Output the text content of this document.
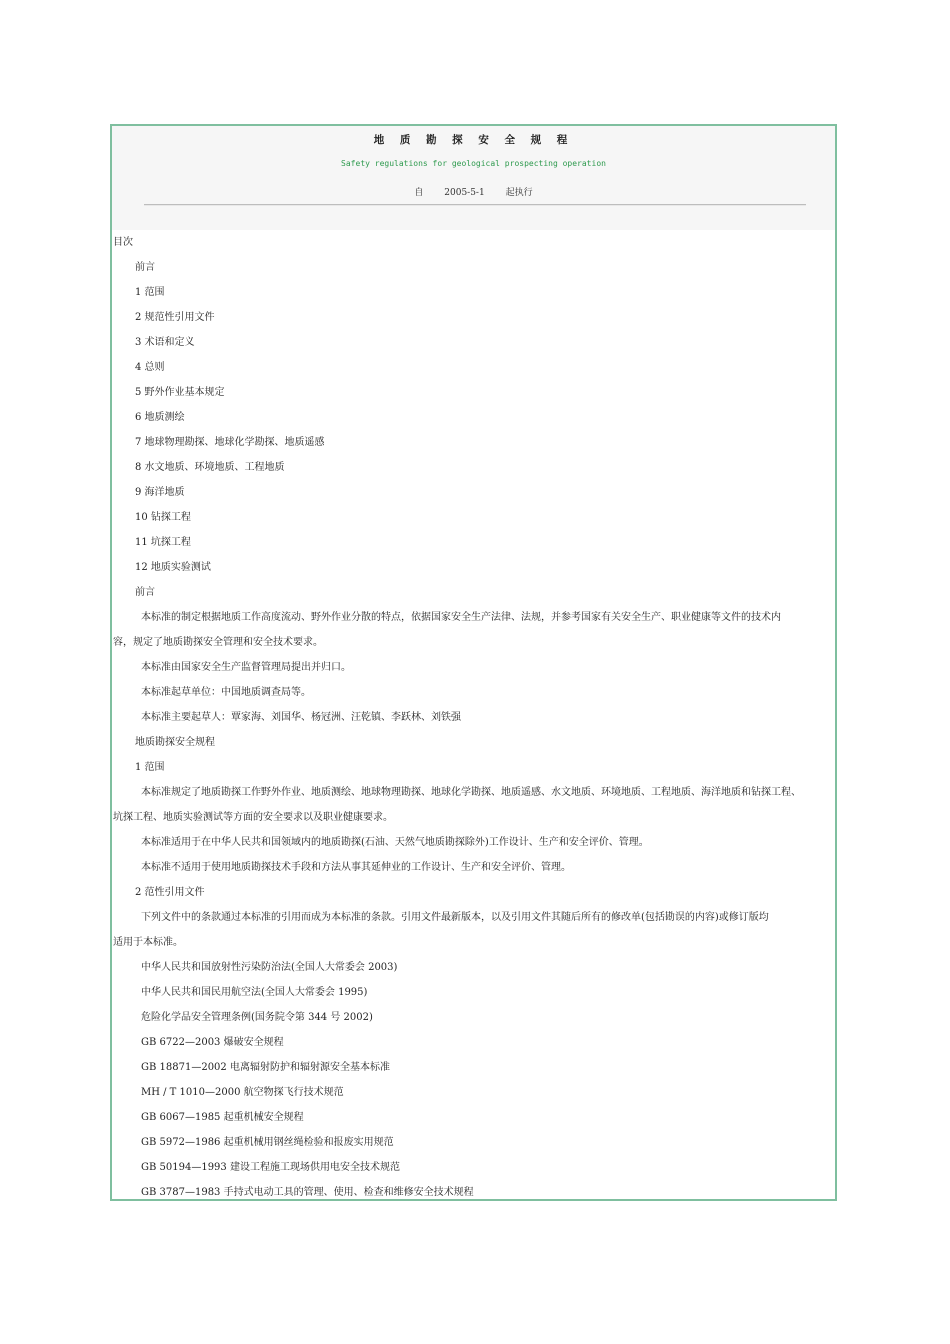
地 质 勘 探 安 全 规 程
Safety regulations for geological prospecting operation
自 2005-5-1 起执行

目次

前言

1 范围

2 规范性引用文件

3 术语和定义

4 总则

5 野外作业基本规定

6 地质测绘

7 地球物理勘探、地球化学勘探、地质遥感

8 水文地质、环境地质、工程地质

9 海洋地质

10 钻探工程

11 坑探工程

12 地质实验测试

前言

本标准的制定根据地质工作高度流动、野外作业分散的特点，依据国家安全生产法律、法规，并参考国家有关安全生产、职业健康等文件的技术内

容，规定了地质勘探安全管理和安全技术要求。

本标准由国家安全生产监督管理局提出并归口。

本标准起草单位：中国地质调查局等。

本标准主要起草人：覃家海、刘国华、杨冠洲、汪乾镇、李跃林、刘铁强

地质勘探安全规程

1 范围

本标准规定了地质勘探工作野外作业、地质测绘、地球物理勘探、地球化学勘探、地质遥感、水文地质、环境地质、工程地质、海洋地质和钻探工程、

坑探工程、地质实验测试等方面的安全要求以及职业健康要求。

本标准适用于在中华人民共和国领域内的地质勘探(石油、天然气地质勘探除外)工作设计、生产和安全评价、管理。

本标准不适用于使用地质勘探技术手段和方法从事其延伸业的工作设计、生产和安全评价、管理。

2 范性引用文件

下列文件中的条款通过本标准的引用而成为本标准的条款。引用文件最新版本，以及引用文件其随后所有的修改单(包括勘误的内容)或修订版均

适用于本标准。

中华人民共和国放射性污染防治法(全国人大常委会 2003)

中华人民共和国民用航空法(全国人大常委会 1995)

危险化学品安全管理条例(国务院令第 344 号 2002)

GB 6722—2003 爆破安全规程

GB 18871—2002 电离辐射防护和辐射源安全基本标准

MH / T 1010—2000 航空物探飞行技术规范

GB 6067—1985 起重机械安全规程

GB 5972—1986 起重机械用钢丝绳检验和报废实用规范

GB 50194—1993 建设工程施工现场供用电安全技术规范

GB 3787—1983 手持式电动工具的管理、使用、检查和维修安全技术规程
